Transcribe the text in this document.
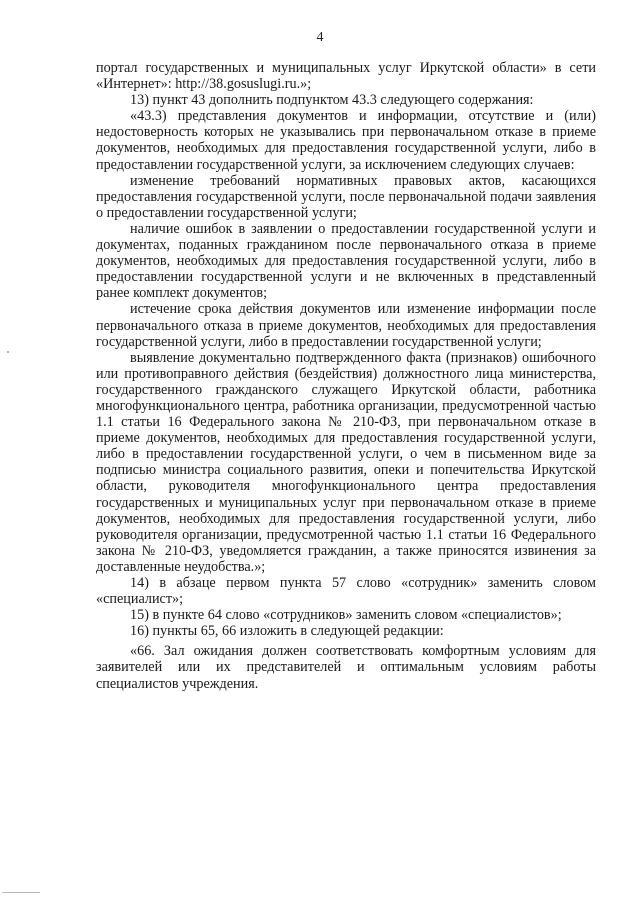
4

портал государственных и муниципальных услуг Иркутской области» в сети «Интернет»: http://38.gosuslugi.ru.»;

13) пункт 43 дополнить подпунктом 43.3 следующего содержания:

«43.3) представления документов и информации, отсутствие и (или) недостоверность которых не указывались при первоначальном отказе в приеме документов, необходимых для предоставления государственной услуги, либо в предоставлении государственной услуги, за исключением следующих случаев:

изменение требований нормативных правовых актов, касающихся предоставления государственной услуги, после первоначальной подачи заявления о предоставлении государственной услуги;

наличие ошибок в заявлении о предоставлении государственной услуги и документах, поданных гражданином после первоначального отказа в приеме документов, необходимых для предоставления государственной услуги, либо в предоставлении государственной услуги и не включенных в представленный ранее комплект документов;

истечение срока действия документов или изменение информации после первоначального отказа в приеме документов, необходимых для предоставления государственной услуги, либо в предоставлении государственной услуги;

выявление документально подтвержденного факта (признаков) ошибочного или противоправного действия (бездействия) должностного лица министерства, государственного гражданского служащего Иркутской области, работника многофункционального центра, работника организации, предусмотренной частью 1.1 статьи 16 Федерального закона № 210-ФЗ, при первоначальном отказе в приеме документов, необходимых для предоставления государственной услуги, либо в предоставлении государственной услуги, о чем в письменном виде за подписью министра социального развития, опеки и попечительства Иркутской области, руководителя многофункционального центра предоставления государственных и муниципальных услуг при первоначальном отказе в приеме документов, необходимых для предоставления государственной услуги, либо руководителя организации, предусмотренной частью 1.1 статьи 16 Федерального закона № 210-ФЗ, уведомляется гражданин, а также приносятся извинения за доставленные неудобства.»;

14) в абзаце первом пункта 57 слово «сотрудник» заменить словом «специалист»;

15) в пункте 64 слово «сотрудников» заменить словом «специалистов»;

16) пункты 65, 66 изложить в следующей редакции:

«66. Зал ожидания должен соответствовать комфортным условиям для заявителей или их представителей и оптимальным условиям работы специалистов учреждения.
